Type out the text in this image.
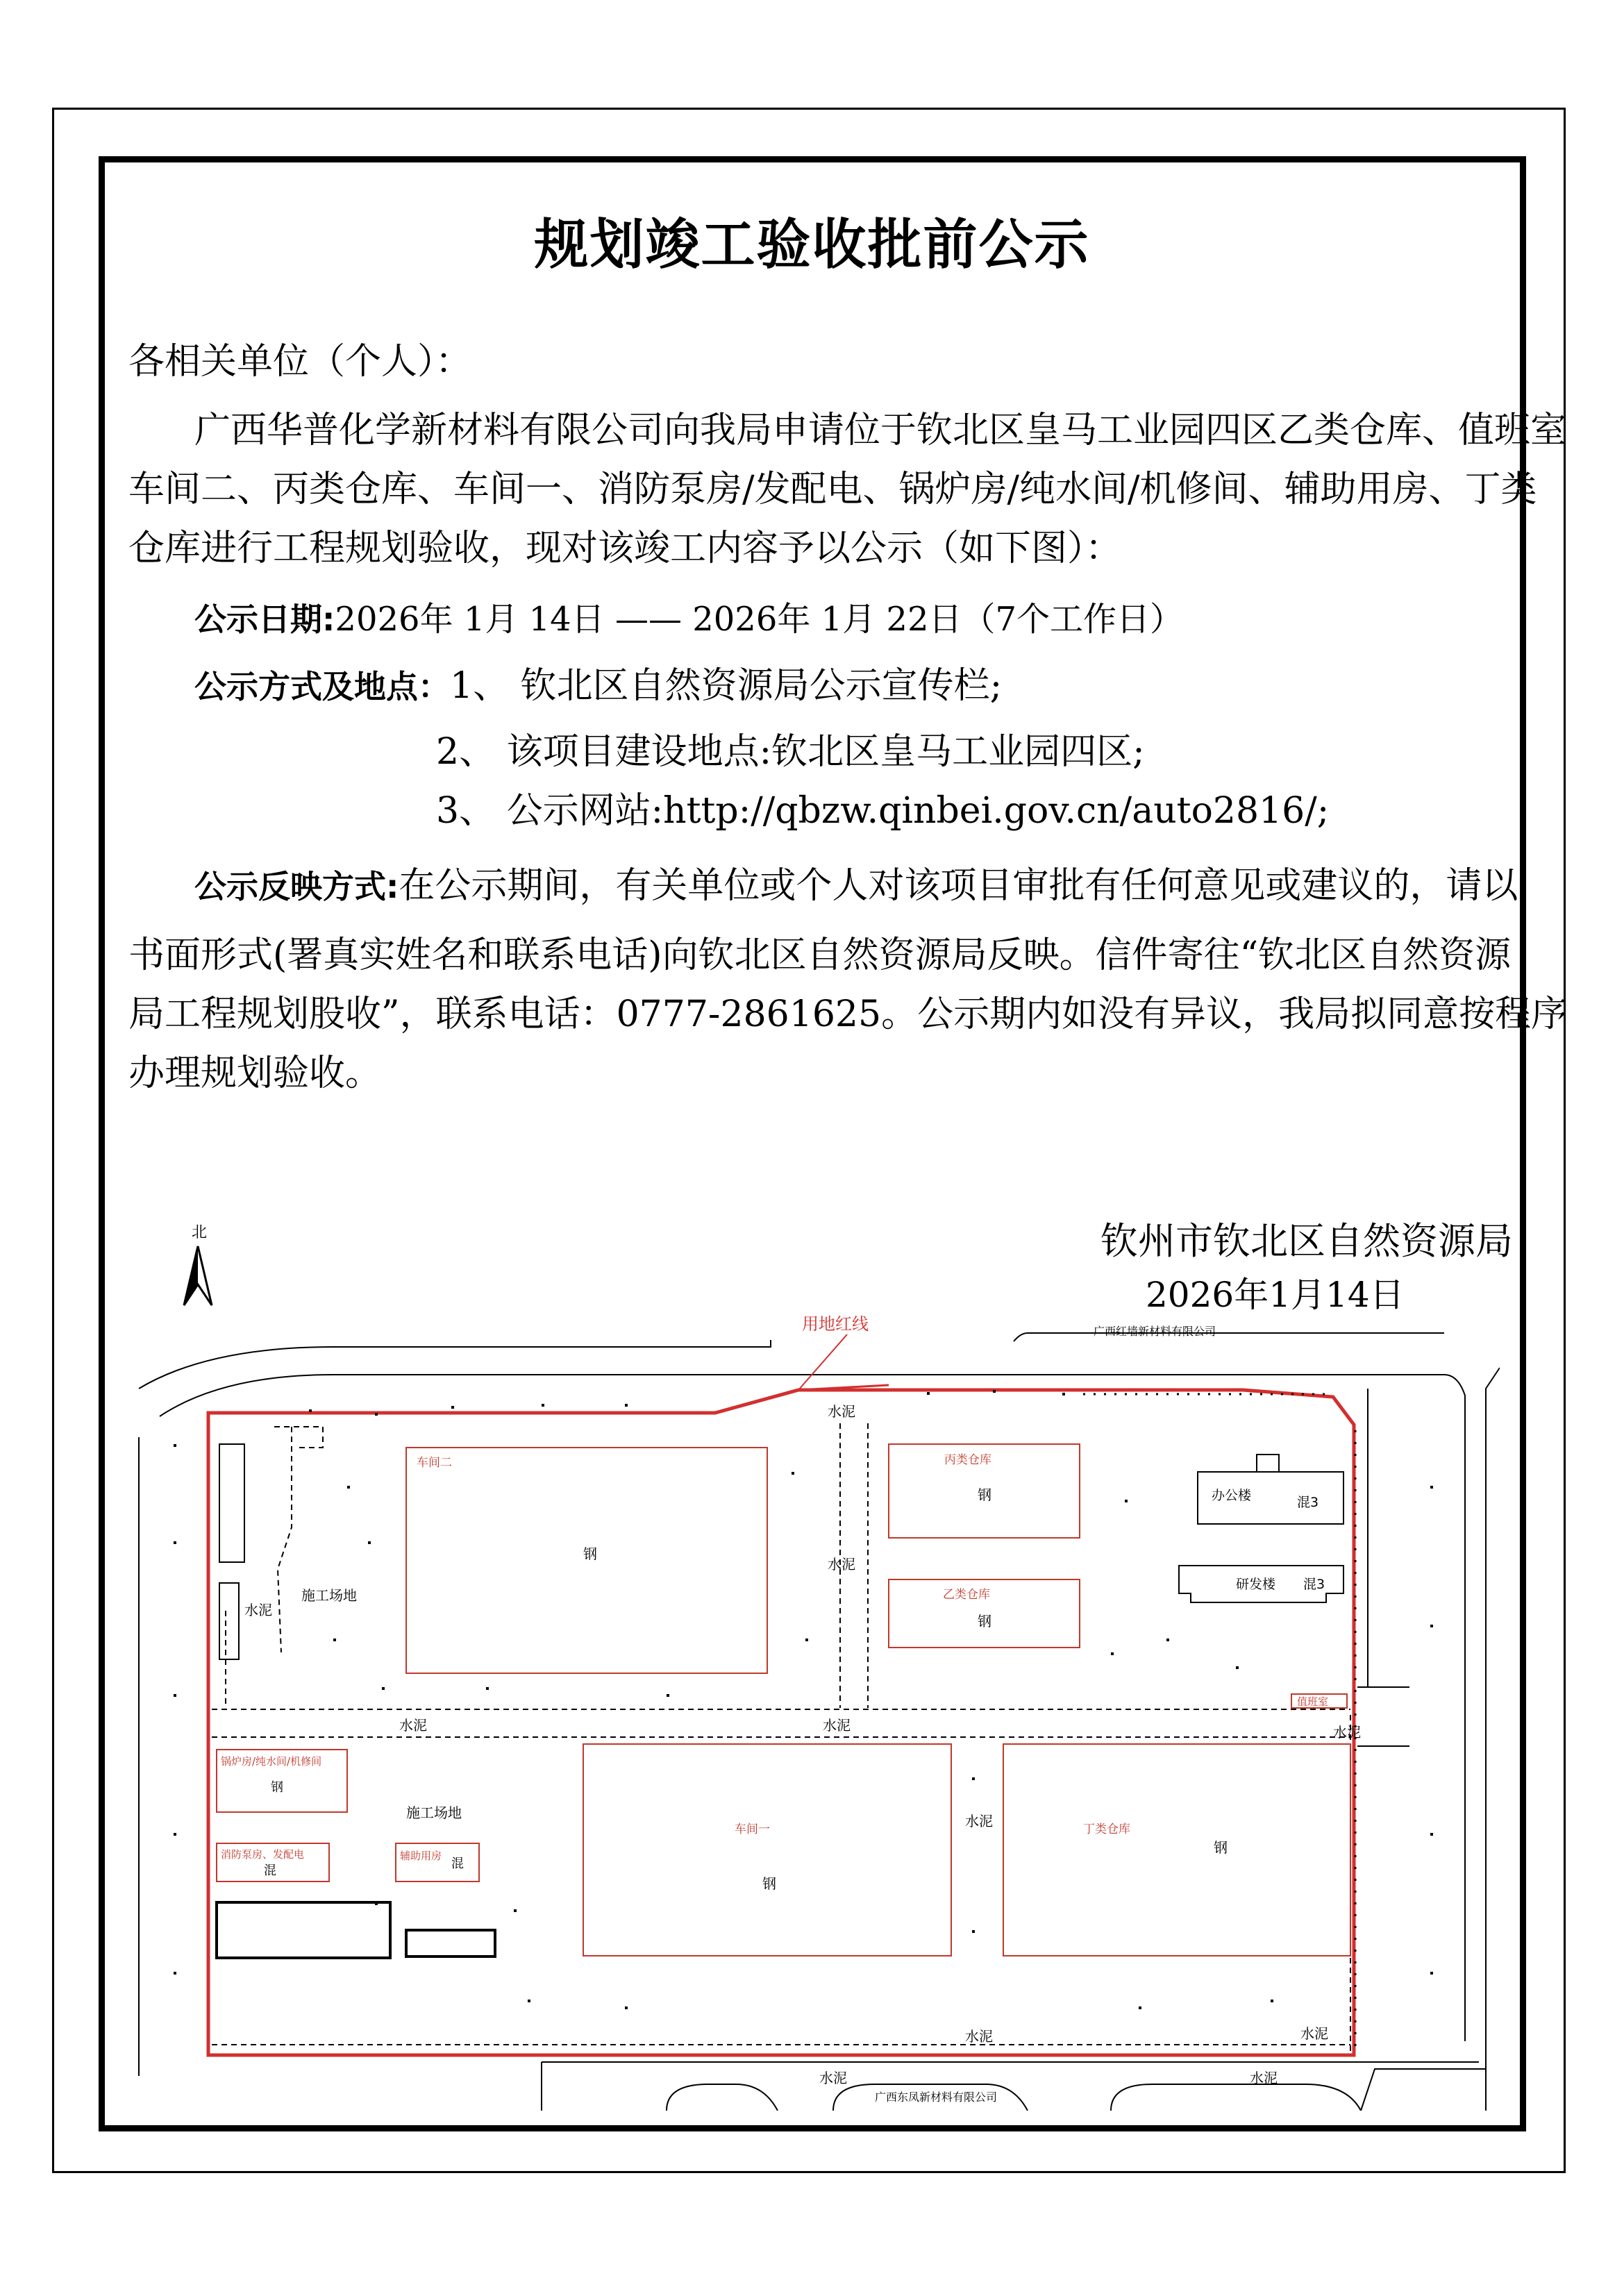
规划竣工验收批前公示
各相关单位（个人）：
广西华普化学新材料有限公司向我局申请位于钦北区皇马工业园四区乙类仓库、值班室
车间二、丙类仓库、车间一、消防泵房/发配电、锅炉房/纯水间/机修间、辅助用房、丁类
仓库进行工程规划验收，现对该竣工内容予以公示（如下图）：
公示日期:2026年 1月 14日 —— 2026年 1月 22日（7个工作日）
公示方式及地点：1、 钦北区自然资源局公示宣传栏;
2、 该项目建设地点:钦北区皇马工业园四区;
3、 公示网站:http://qbzw.qinbei.gov.cn/auto2816/;
公示反映方式:在公示期间，有关单位或个人对该项目审批有任何意见或建议的，请以
书面形式(署真实姓名和联系电话)向钦北区自然资源局反映。信件寄往“钦北区自然资源
局工程规划股收”，联系电话：0777-2861625。公示期内如没有异议，我局拟同意按程序
办理规划验收。
钦州市钦北区自然资源局
2026年1月14日
北
用地红线	广西红墙新材料有限公司
广西东凤新材料有限公司
车间二
钢
丙类仓库
钢
乙类仓库
钢
办公楼	混3
研发楼 混3
值班室
锅炉房/纯水间/机修间
钢
消防泵房、发配电
混
辅助用房
混
车间一
钢
丁类仓库
钢
施工场地
施工场地
水泥
水泥
水泥
水泥	水泥	水泥
水泥
水泥	水泥
水泥	水泥
